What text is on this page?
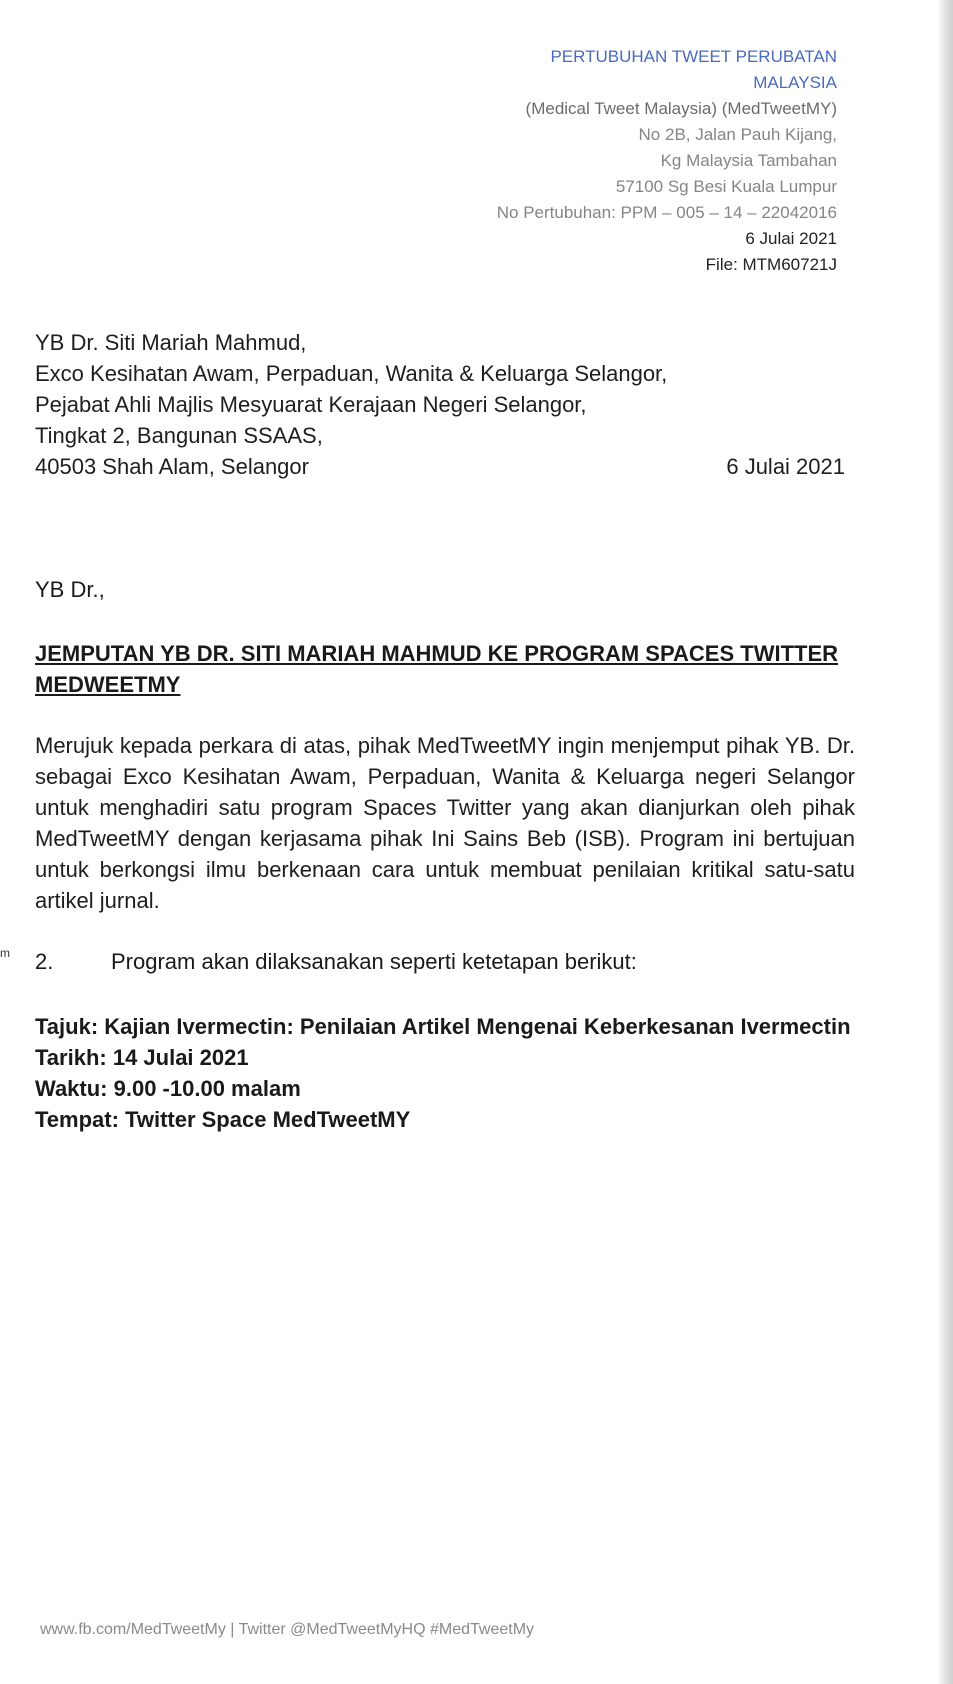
PERTUBUHAN TWEET PERUBATAN
MALAYSIA
(Medical Tweet Malaysia) (MedTweetMY)
No 2B, Jalan Pauh Kijang,
Kg Malaysia Tambahan
57100 Sg Besi Kuala Lumpur
No Pertubuhan: PPM – 005 – 14 – 22042016
6 Julai 2021
File: MTM60721J
YB Dr. Siti Mariah Mahmud,
Exco Kesihatan Awam, Perpaduan, Wanita & Keluarga Selangor,
Pejabat Ahli Majlis Mesyuarat Kerajaan Negeri Selangor,
Tingkat 2, Bangunan SSAAS,
40503 Shah Alam, Selangor	6 Julai 2021
YB Dr.,
JEMPUTAN YB DR. SITI MARIAH MAHMUD KE PROGRAM SPACES TWITTER MEDWEETMY
Merujuk kepada perkara di atas, pihak MedTweetMY ingin menjemput pihak YB. Dr. sebagai Exco Kesihatan Awam, Perpaduan, Wanita & Keluarga negeri Selangor untuk menghadiri satu program Spaces Twitter yang akan dianjurkan oleh pihak MedTweetMY dengan kerjasama pihak Ini Sains Beb (ISB). Program ini bertujuan untuk berkongsi ilmu berkenaan cara untuk membuat penilaian kritikal satu-satu artikel jurnal.
m 2.	Program akan dilaksanakan seperti ketetapan berikut:
Tajuk: Kajian Ivermectin: Penilaian Artikel Mengenai Keberkesanan Ivermectin
Tarikh: 14 Julai 2021
Waktu: 9.00 -10.00 malam
Tempat: Twitter Space MedTweetMY
www.fb.com/MedTweetMy | Twitter @MedTweetMyHQ #MedTweetMy
